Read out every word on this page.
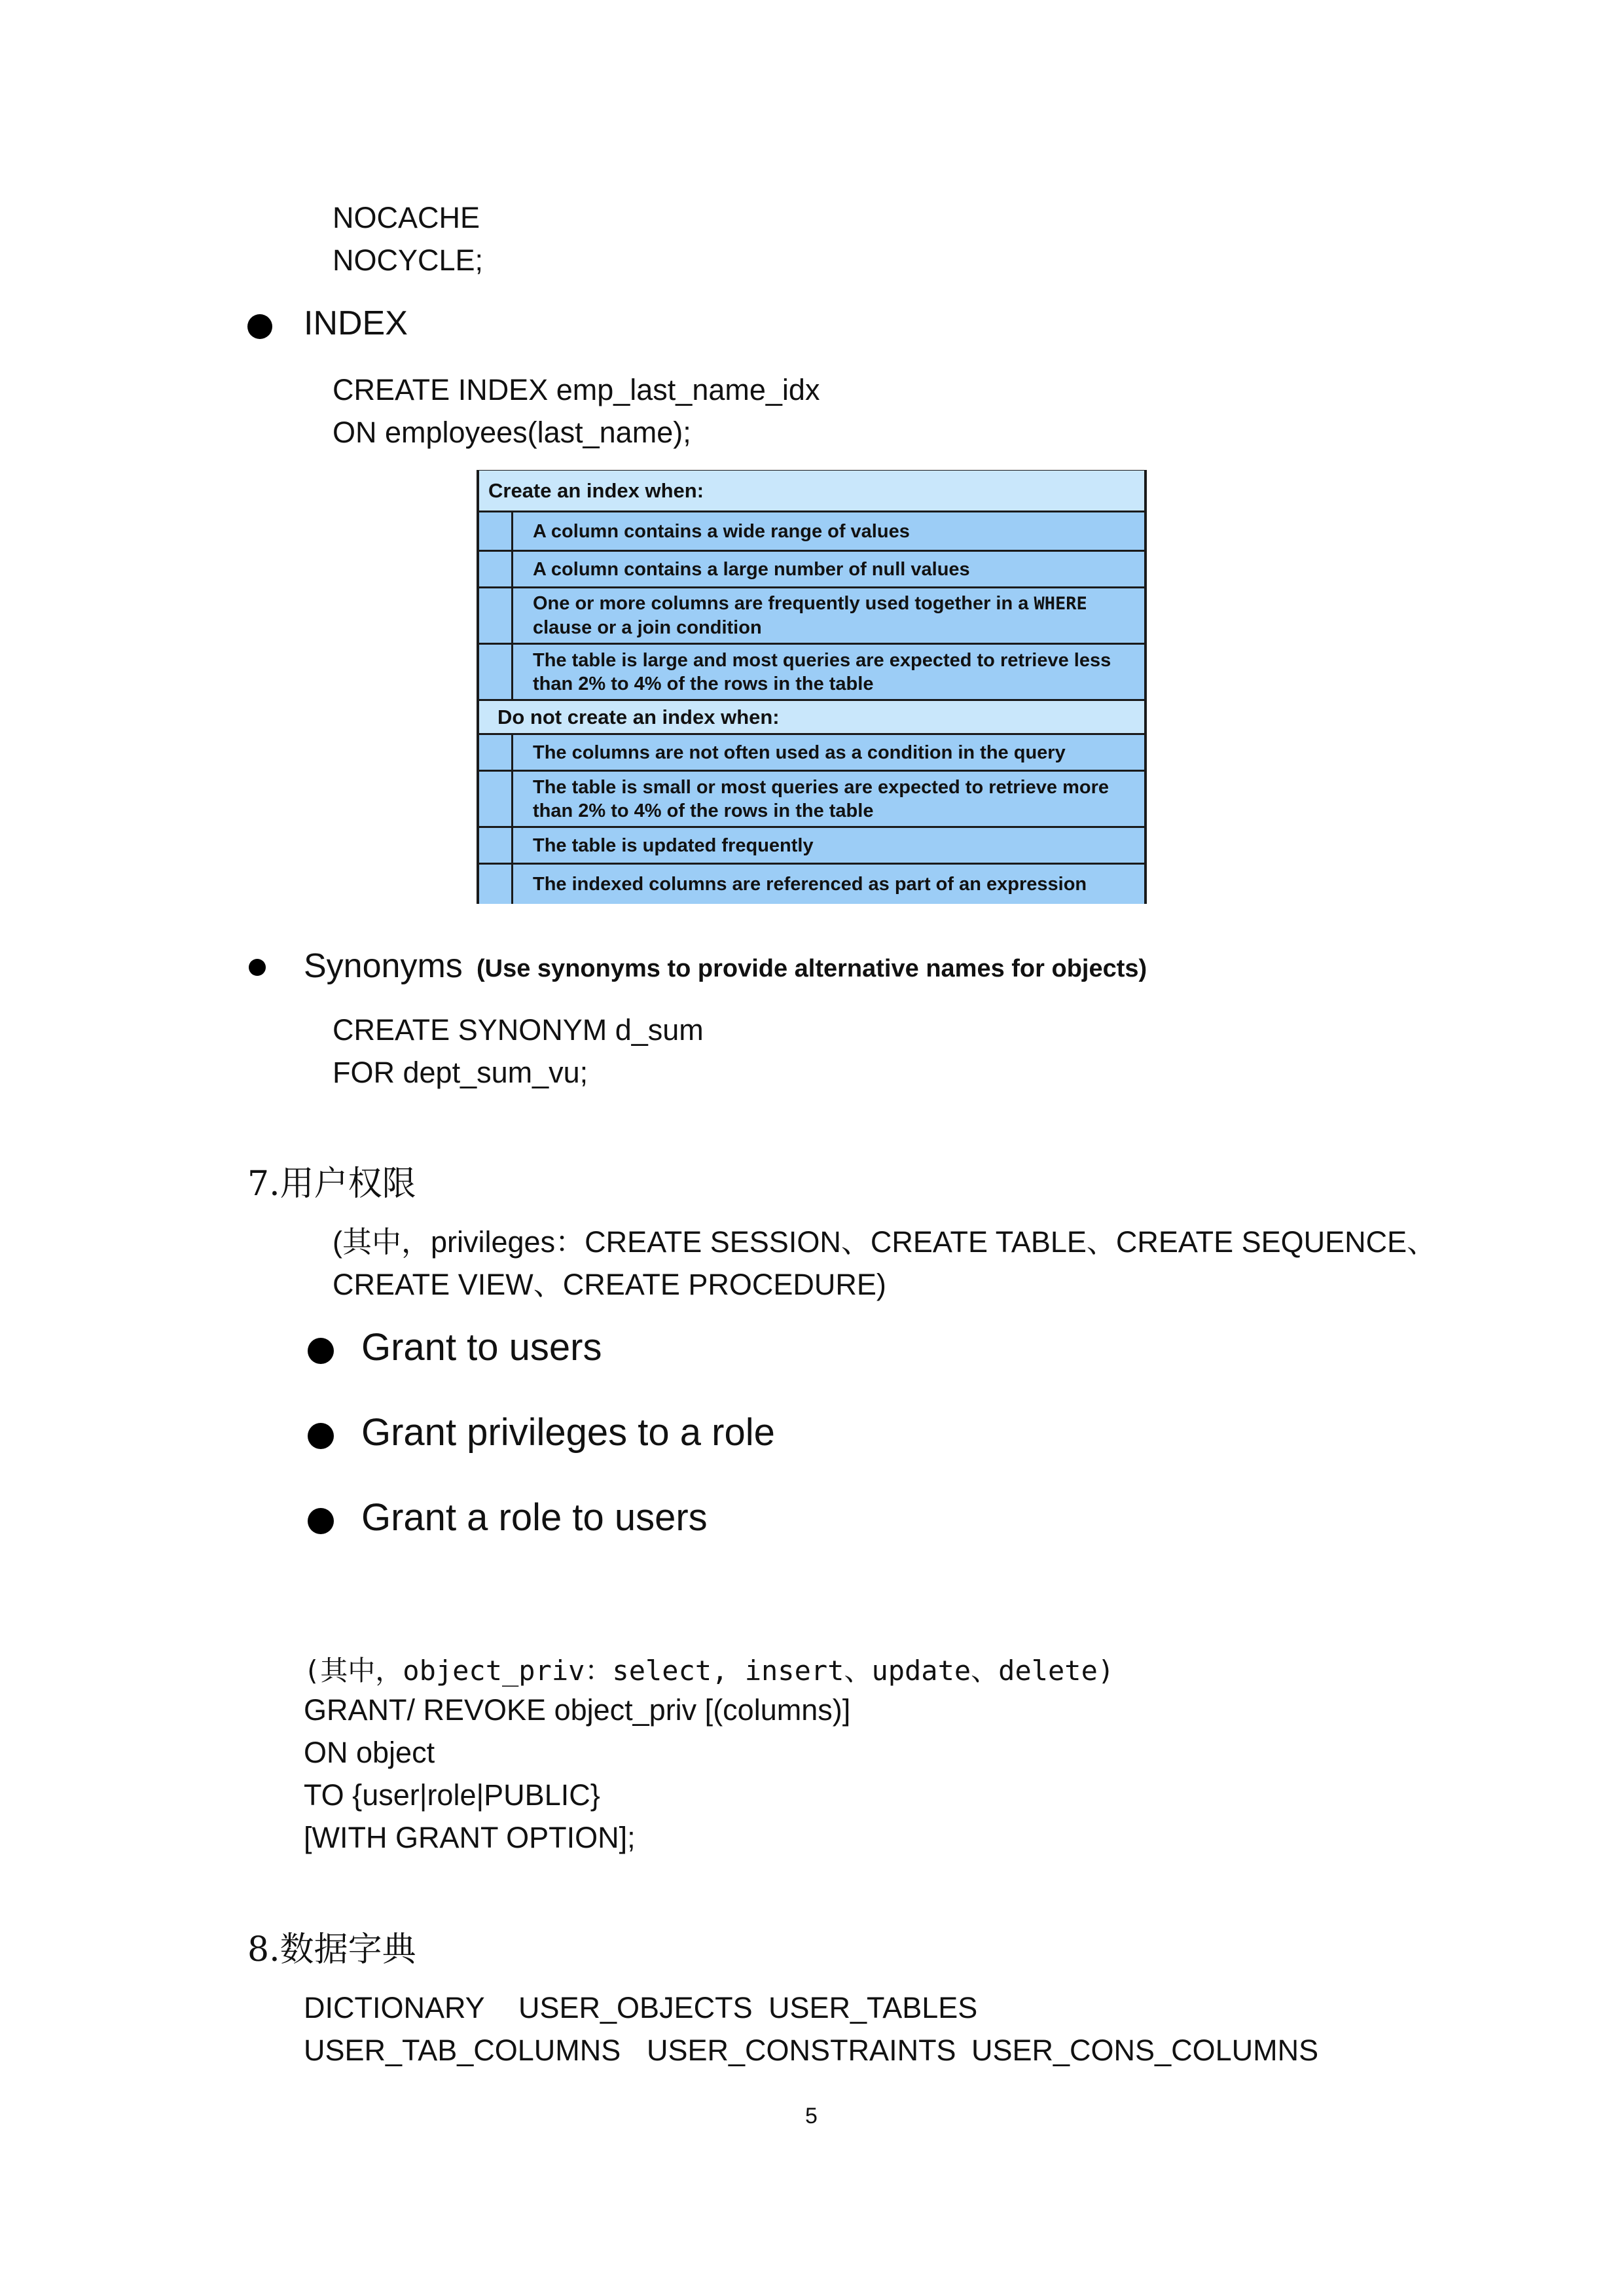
NOCACHE
NOCYCLE;
INDEX
CREATE INDEX emp_last_name_idx
ON employees(last_name);
Create an index when:
A column contains a wide range of values
A column contains a large number of null values
One or more columns are frequently used together in a WHERE
clause or a join condition
The table is large and most queries are expected to retrieve less than 2% to 4% of the rows in the table
Do not create an index when:
The columns are not often used as a condition in the query
The table is small or most queries are expected to retrieve more than 2% to 4% of the rows in the table
The table is updated frequently
The indexed columns are referenced as part of an expression
Synonyms (Use synonyms to provide alternative names for objects)
CREATE SYNONYM d_sum
FOR dept_sum_vu;
7.用户权限
(其中，privileges：CREATE SESSION、CREATE TABLE、CREATE SEQUENCE、
CREATE VIEW、CREATE PROCEDURE)
Grant to users
Grant privileges to a role
Grant a role to users
(其中，object_priv：select, insert、update、delete)
GRANT/ REVOKE object_priv [(columns)]
ON object
TO {user|role|PUBLIC}
[WITH GRANT OPTION];
8.数据字典
DICTIONARY USER_OBJECTS USER_TABLES
USER_TAB_COLUMNS USER_CONSTRAINTS USER_CONS_COLUMNS
5
